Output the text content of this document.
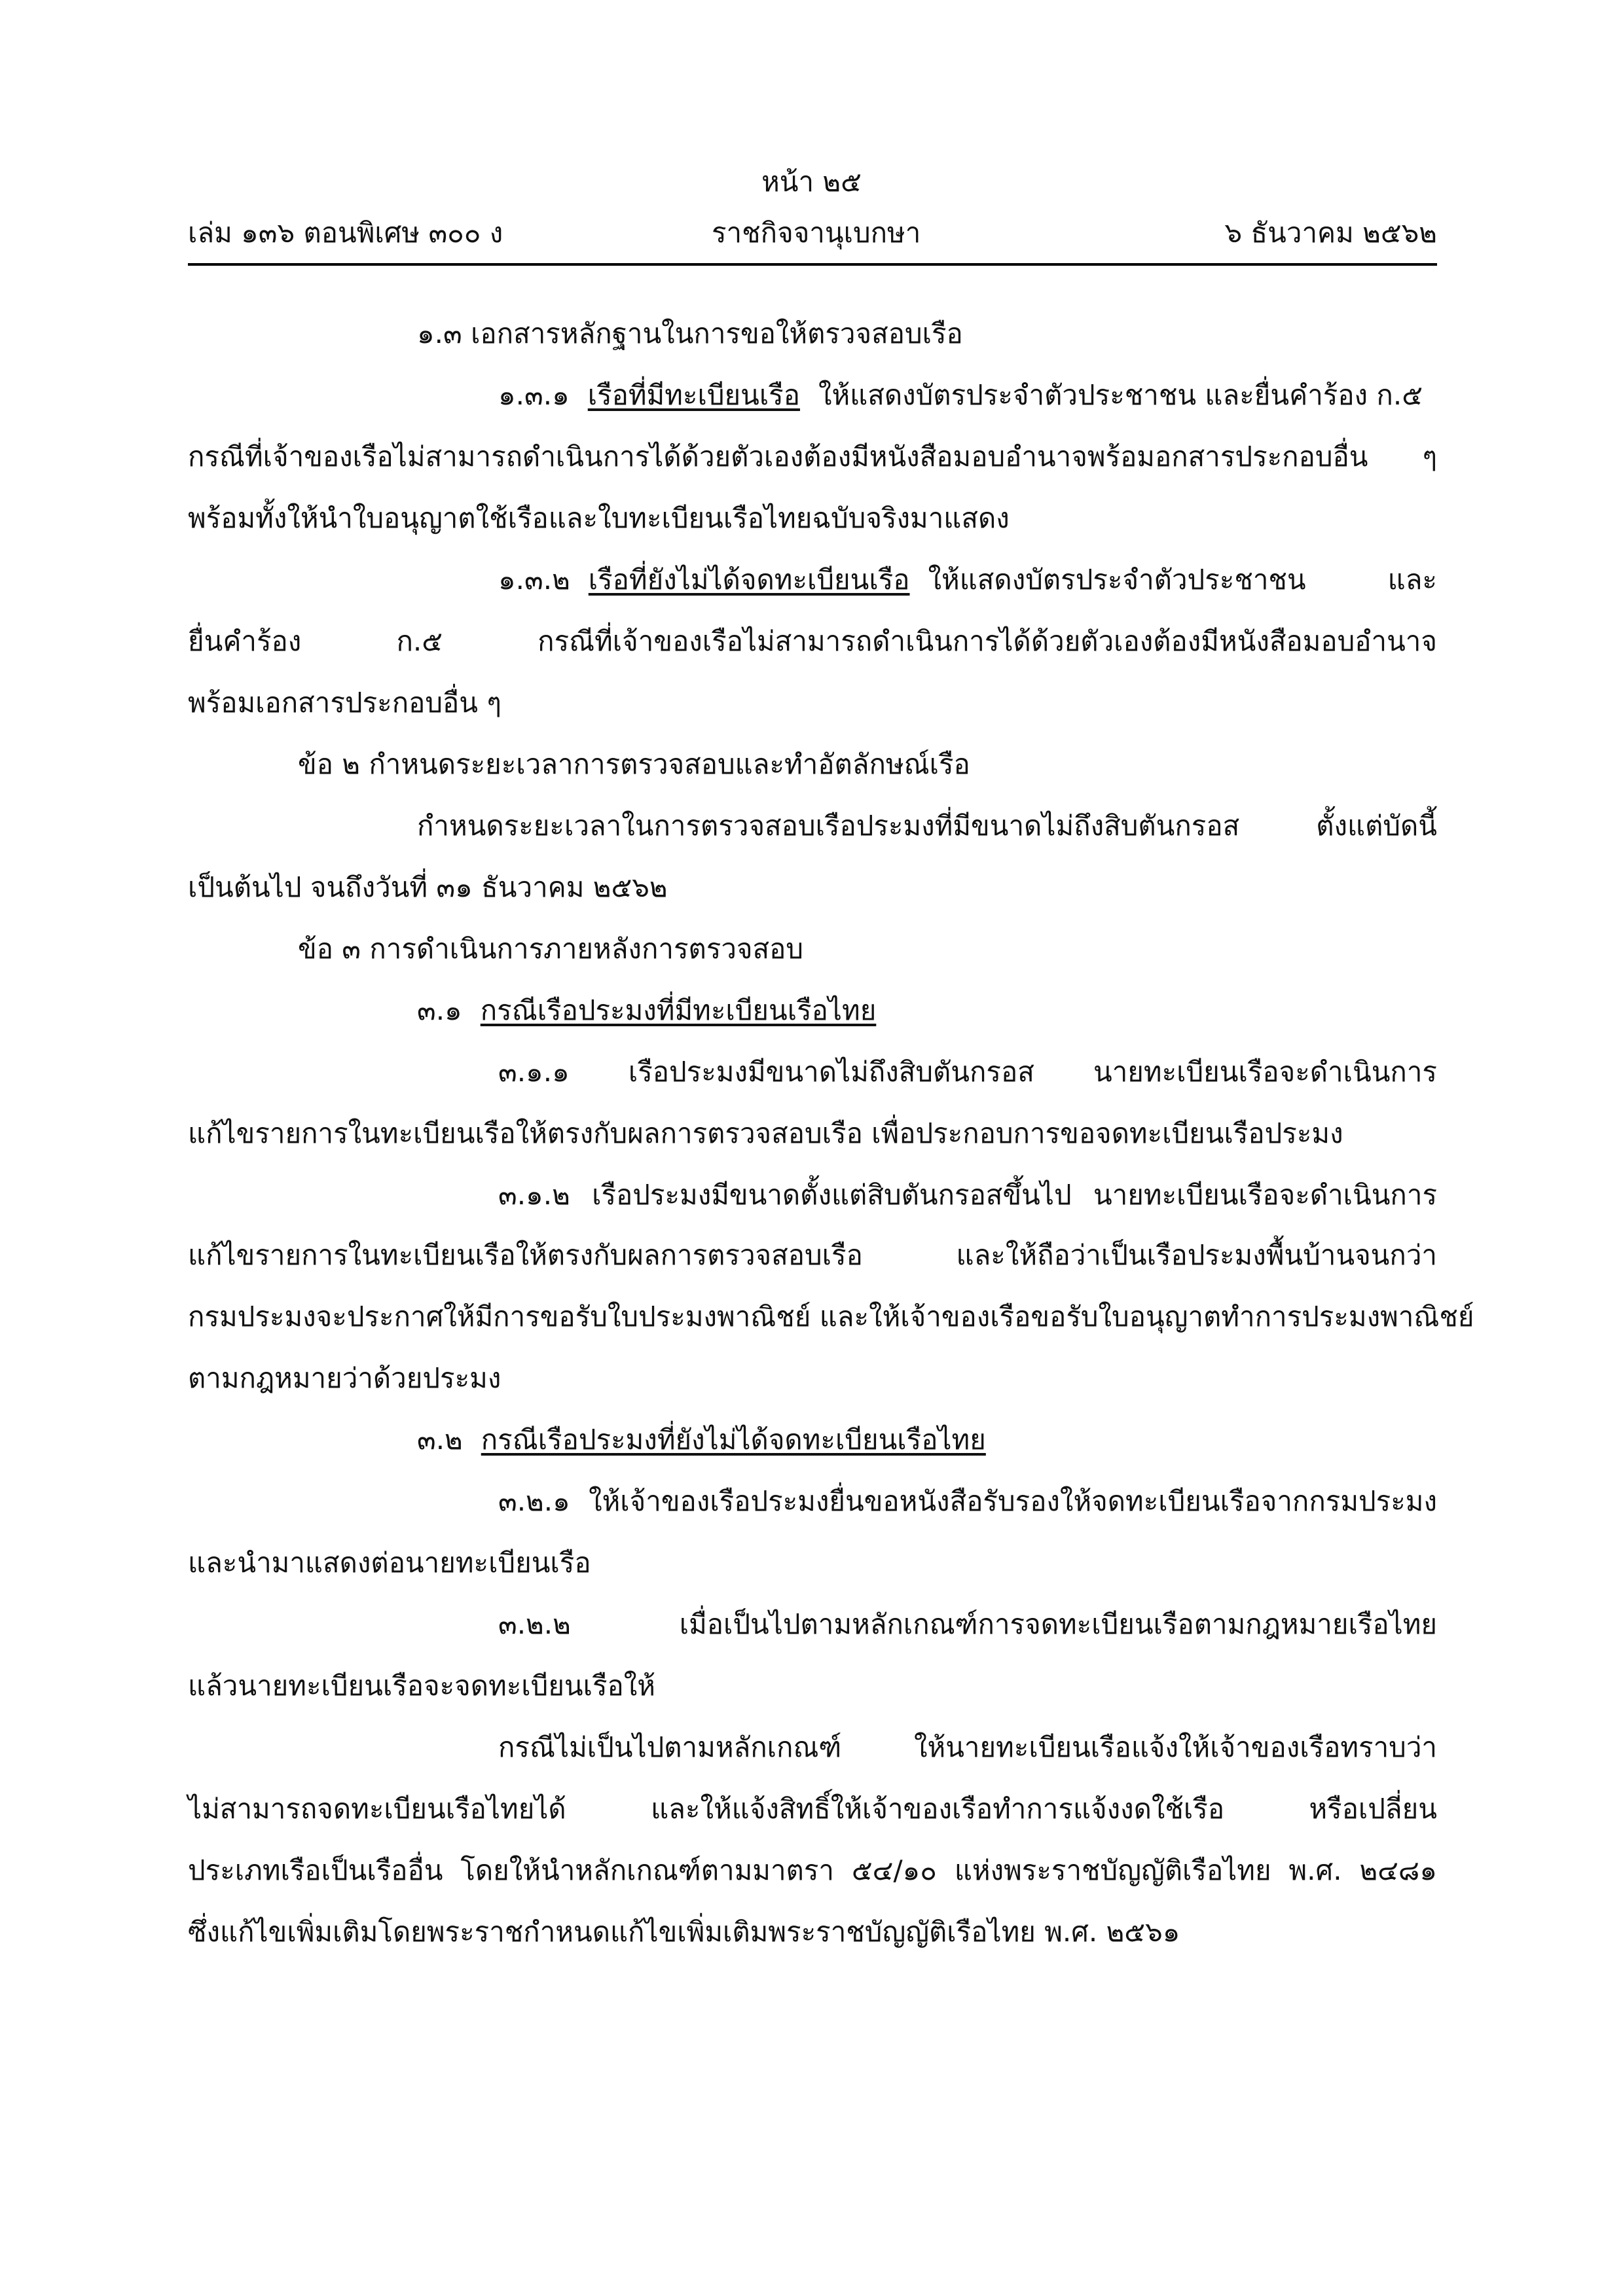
หน้า ๒๕
เล่ม ๑๓๖ ตอนพิเศษ ๓๐๐ ง	ราชกิจจานุเบกษา	๖ ธันวาคม ๒๕๖๒
๑.๓ เอกสารหลักฐานในการขอให้ตรวจสอบเรือ
๑.๓.๑ เรือที่มีทะเบียนเรือ ให้แสดงบัตรประจำตัวประชาชน และยื่นคำร้อง ก.๕
กรณีที่เจ้าของเรือไม่สามารถดำเนินการได้ด้วยตัวเองต้องมีหนังสือมอบอำนาจพร้อมอกสารประกอบอื่น ๆ
พร้อมทั้งให้นำใบอนุญาตใช้เรือและใบทะเบียนเรือไทยฉบับจริงมาแสดง
๑.๓.๒ เรือที่ยังไม่ได้จดทะเบียนเรือ ให้แสดงบัตรประจำตัวประชาชน และ
ยื่นคำร้อง ก.๕ กรณีที่เจ้าของเรือไม่สามารถดำเนินการได้ด้วยตัวเองต้องมีหนังสือมอบอำนาจ
พร้อมเอกสารประกอบอื่น ๆ
ข้อ ๒ กำหนดระยะเวลาการตรวจสอบและทำอัตลักษณ์เรือ
กำหนดระยะเวลาในการตรวจสอบเรือประมงที่มีขนาดไม่ถึงสิบตันกรอส ตั้งแต่บัดนี้
เป็นต้นไป จนถึงวันที่ ๓๑ ธันวาคม ๒๕๖๒
ข้อ ๓ การดำเนินการภายหลังการตรวจสอบ
๓.๑ กรณีเรือประมงที่มีทะเบียนเรือไทย
๓.๑.๑ เรือประมงมีขนาดไม่ถึงสิบตันกรอส นายทะเบียนเรือจะดำเนินการ
แก้ไขรายการในทะเบียนเรือให้ตรงกับผลการตรวจสอบเรือ เพื่อประกอบการขอจดทะเบียนเรือประมง
๓.๑.๒ เรือประมงมีขนาดตั้งแต่สิบตันกรอสขึ้นไป นายทะเบียนเรือจะดำเนินการ
แก้ไขรายการในทะเบียนเรือให้ตรงกับผลการตรวจสอบเรือ และให้ถือว่าเป็นเรือประมงพื้นบ้านจนกว่า
กรมประมงจะประกาศให้มีการขอรับใบประมงพาณิชย์ และให้เจ้าของเรือขอรับใบอนุญาตทำการประมงพาณิชย์
ตามกฎหมายว่าด้วยประมง
๓.๒ กรณีเรือประมงที่ยังไม่ได้จดทะเบียนเรือไทย
๓.๒.๑ ให้เจ้าของเรือประมงยื่นขอหนังสือรับรองให้จดทะเบียนเรือจากกรมประมง
และนำมาแสดงต่อนายทะเบียนเรือ
๓.๒.๒ เมื่อเป็นไปตามหลักเกณฑ์การจดทะเบียนเรือตามกฎหมายเรือไทย
แล้วนายทะเบียนเรือจะจดทะเบียนเรือให้
กรณีไม่เป็นไปตามหลักเกณฑ์ ให้นายทะเบียนเรือแจ้งให้เจ้าของเรือทราบว่า
ไม่สามารถจดทะเบียนเรือไทยได้ และให้แจ้งสิทธิ์ให้เจ้าของเรือทำการแจ้งงดใช้เรือ หรือเปลี่ยน
ประเภทเรือเป็นเรืออื่น โดยให้นำหลักเกณฑ์ตามมาตรา ๕๔/๑๐ แห่งพระราชบัญญัติเรือไทย พ.ศ. ๒๔๘๑
ซึ่งแก้ไขเพิ่มเติมโดยพระราชกำหนดแก้ไขเพิ่มเติมพระราชบัญญัติเรือไทย พ.ศ. ๒๕๖๑
